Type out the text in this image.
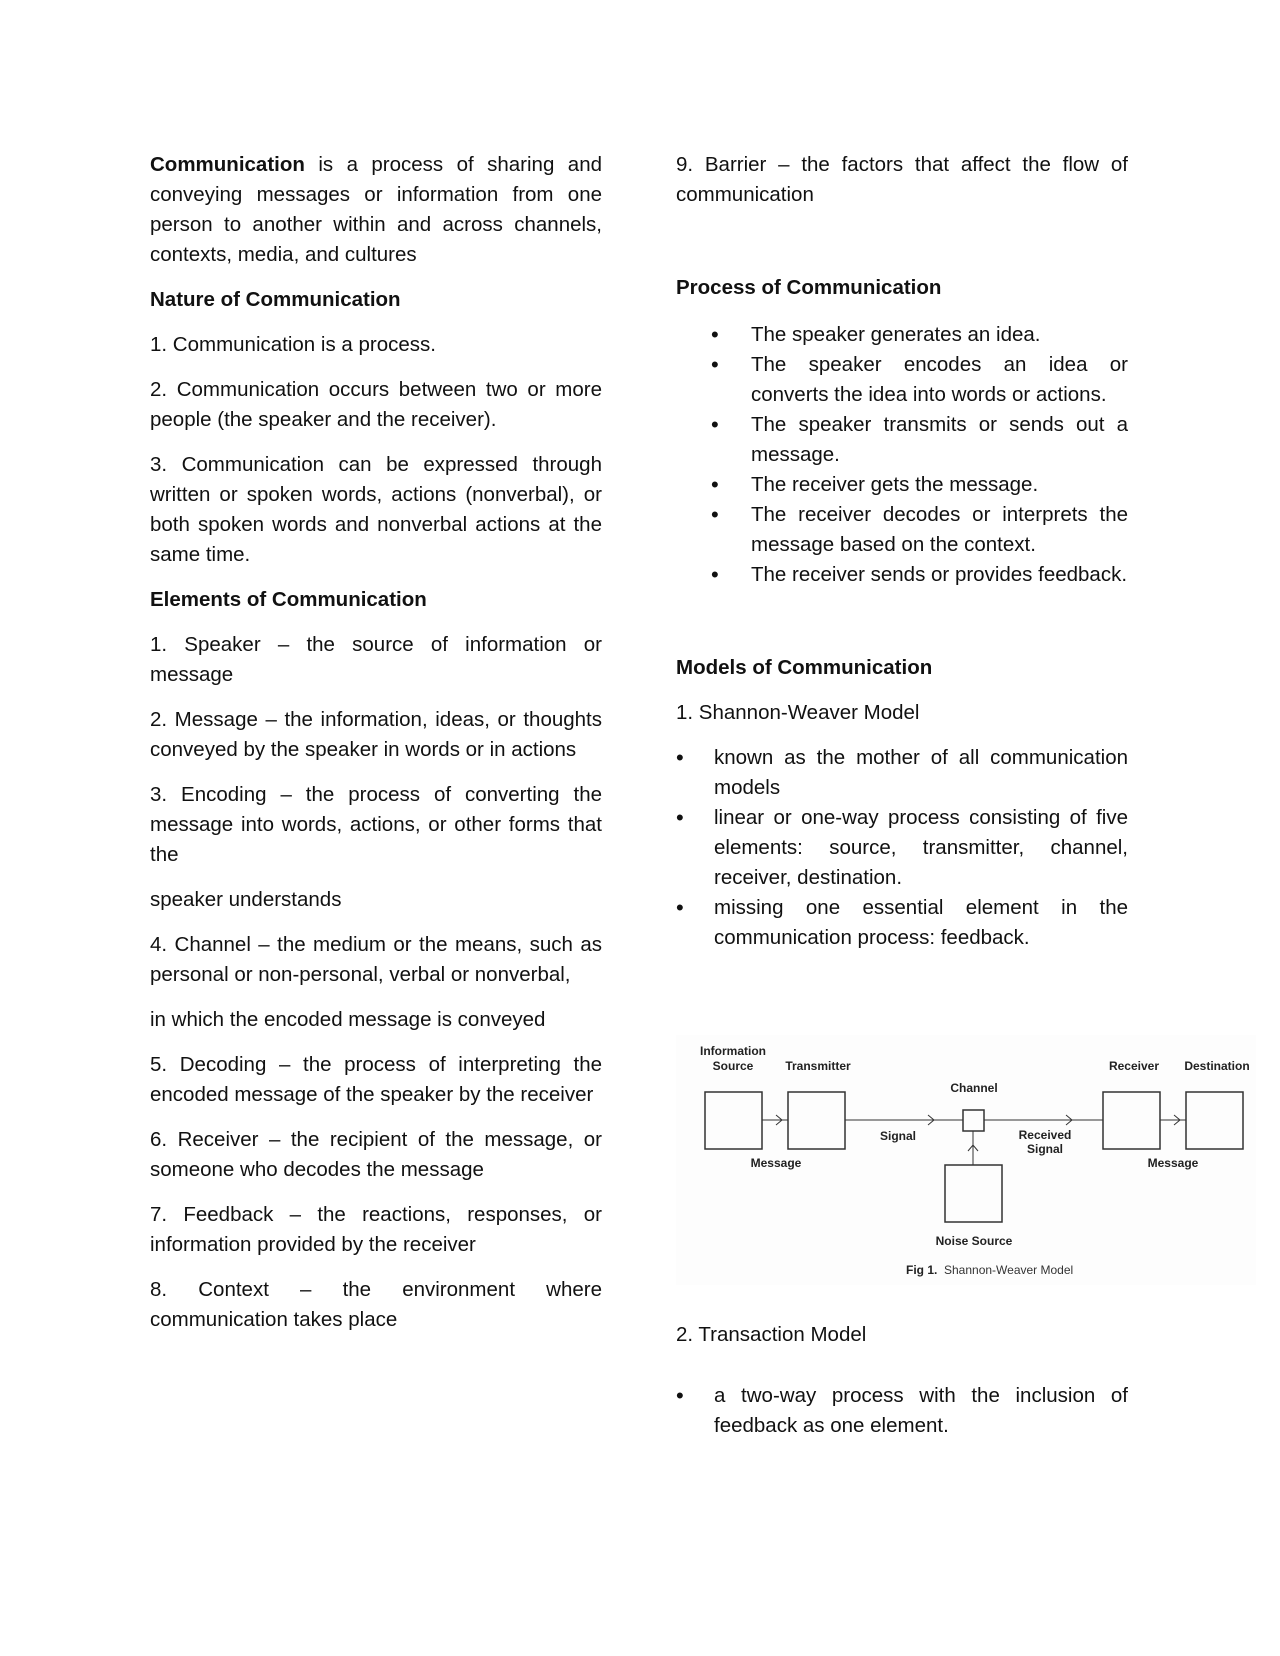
Communication is a process of sharing and conveying messages or information from one person to another within and across channels, contexts, media, and cultures

Nature of Communication

1. Communication is a process.

2. Communication occurs between two or more people (the speaker and the receiver).

3. Communication can be expressed through written or spoken words, actions (nonverbal), or both spoken words and nonverbal actions at the same time.

Elements of Communication

1. Speaker – the source of information or message

2. Message – the information, ideas, or thoughts conveyed by the speaker in words or in actions

3. Encoding – the process of converting the message into words, actions, or other forms that the

speaker understands

4. Channel – the medium or the means, such as personal or non-personal, verbal or nonverbal,

in which the encoded message is conveyed

5. Decoding – the process of interpreting the encoded message of the speaker by the receiver

6. Receiver – the recipient of the message, or someone who decodes the message

7. Feedback – the reactions, responses, or information provided by the receiver

8. Context – the environment where communication takes place

9. Barrier – the factors that affect the flow of communication

Process of Communication

• The speaker generates an idea.
• The speaker encodes an idea or converts the idea into words or actions.
• The speaker transmits or sends out a message.
• The receiver gets the message.
• The receiver decodes or interprets the message based on the context.
• The receiver sends or provides feedback.

Models of Communication

1. Shannon-Weaver Model

• known as the mother of all communication models
• linear or one-way process consisting of five elements: source, transmitter, channel, receiver, destination.
• missing one essential element in the communication process: feedback.

2. Transaction Model

• a two-way process with the inclusion of feedback as one element.
Information
Source	Transmitter
Channel
Receiver Destination
Signal	Received
Signal
Message	Message
Noise Source
Fig 1. Shannon-Weaver Model
